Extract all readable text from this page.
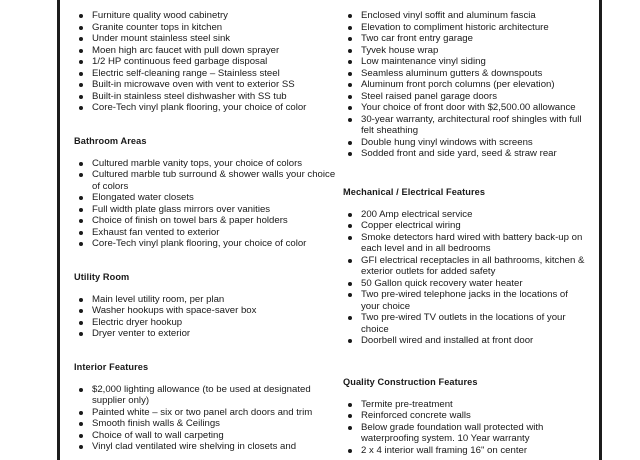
Furniture quality wood cabinetry
Granite counter tops in kitchen
Under mount stainless steel sink
Moen high arc faucet with pull down sprayer
1/2 HP continuous feed garbage disposal
Electric self-cleaning range – Stainless steel
Built-in microwave oven with vent to exterior SS
Built-in stainless steel dishwasher with SS tub
Core-Tech vinyl plank flooring, your choice of color
Bathroom Areas
Cultured marble vanity tops, your choice of colors
Cultured marble tub surround & shower walls your choice of colors
Elongated water closets
Full width plate glass mirrors over vanities
Choice of finish on towel bars & paper holders
Exhaust fan vented to exterior
Core-Tech vinyl plank flooring, your choice of color
Utility Room
Main level utility room, per plan
Washer hookups with space-saver box
Electric dryer hookup
Dryer venter to exterior
Interior Features
$2,000 lighting allowance (to be used at designated supplier only)
Painted white – six or two panel arch doors and trim
Smooth finish walls & Ceilings
Choice of wall to wall carpeting
Vinyl clad ventilated wire shelving in closets and
Enclosed vinyl soffit and aluminum fascia
Elevation to compliment historic architecture
Two car front entry garage
Tyvek house wrap
Low maintenance vinyl siding
Seamless aluminum gutters & downspouts
Aluminum front porch columns (per elevation)
Steel raised panel garage doors
Your choice of front door with $2,500.00 allowance
30-year warranty, architectural roof shingles with full felt sheathing
Double hung vinyl windows with screens
Sodded front and side yard, seed & straw rear
Mechanical / Electrical Features
200 Amp electrical service
Copper electrical wiring
Smoke detectors hard wired with battery back-up on each level and in all bedrooms
GFI electrical receptacles in all bathrooms, kitchen & exterior outlets for added safety
50 Gallon quick recovery water heater
Two pre-wired telephone jacks in the locations of your choice
Two pre-wired TV outlets in the locations of your choice
Doorbell wired and installed at front door
Quality Construction Features
Termite pre-treatment
Reinforced concrete walls
Below grade foundation wall protected with waterproofing system. 10 Year warranty
2 x 4 interior wall framing 16" on center
